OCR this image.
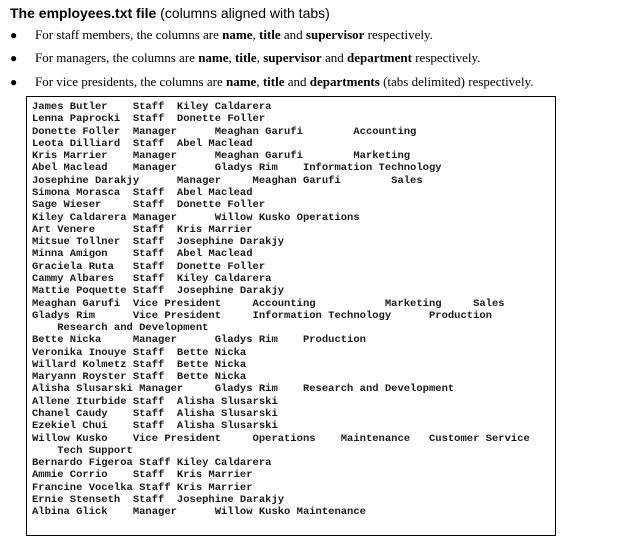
The employees.txt file (columns aligned with tabs)
● For staff members, the columns are name, title and supervisor respectively.
● For managers, the columns are name, title, supervisor and department respectively.
● For vice presidents, the columns are name, title and departments (tabs delimited) respectively.
James Butler    Staff  Kiley Caldarera
Lenna Paprocki  Staff  Donette Foller
Donette Foller  Manager      Meaghan Garufi        Accounting
Leota Dilliard  Staff  Abel Maclead
Kris Marrier    Manager      Meaghan Garufi        Marketing
Abel Maclead    Manager      Gladys Rim    Information Technology
Josephine Darakjy      Manager     Meaghan Garufi        Sales
Simona Morasca  Staff  Abel Maclead
Sage Wieser     Staff  Donette Foller
Kiley Caldarera Manager      Willow Kusko Operations
Art Venere      Staff  Kris Marrier
Mitsue Tollner  Staff  Josephine Darakjy
Minna Amigon    Staff  Abel Maclead
Graciela Ruta   Staff  Donette Foller
Cammy Albares   Staff  Kiley Caldarera
Mattie Poquette Staff  Josephine Darakjy
Meaghan Garufi  Vice President     Accounting           Marketing     Sales
Gladys Rim      Vice President     Information Technology      Production
Research and Development
Bette Nicka     Manager      Gladys Rim    Production
Veronika Inouye Staff  Bette Nicka
Willard Kolmetz Staff  Bette Nicka
Maryann Royster Staff  Bette Nicka
Alisha Slusarski Manager     Gladys Rim    Research and Development
Allene Iturbide Staff  Alisha Slusarski
Chanel Caudy    Staff  Alisha Slusarski
Ezekiel Chui    Staff  Alisha Slusarski
Willow Kusko    Vice President     Operations    Maintenance   Customer Service
Tech Support
Bernardo Figeroa Staff Kiley Caldarera
Ammie Corrio    Staff  Kris Marrier
Francine Vocelka Staff Kris Marrier
Ernie Stenseth  Staff  Josephine Darakjy
Albina Glick    Manager      Willow Kusko Maintenance
